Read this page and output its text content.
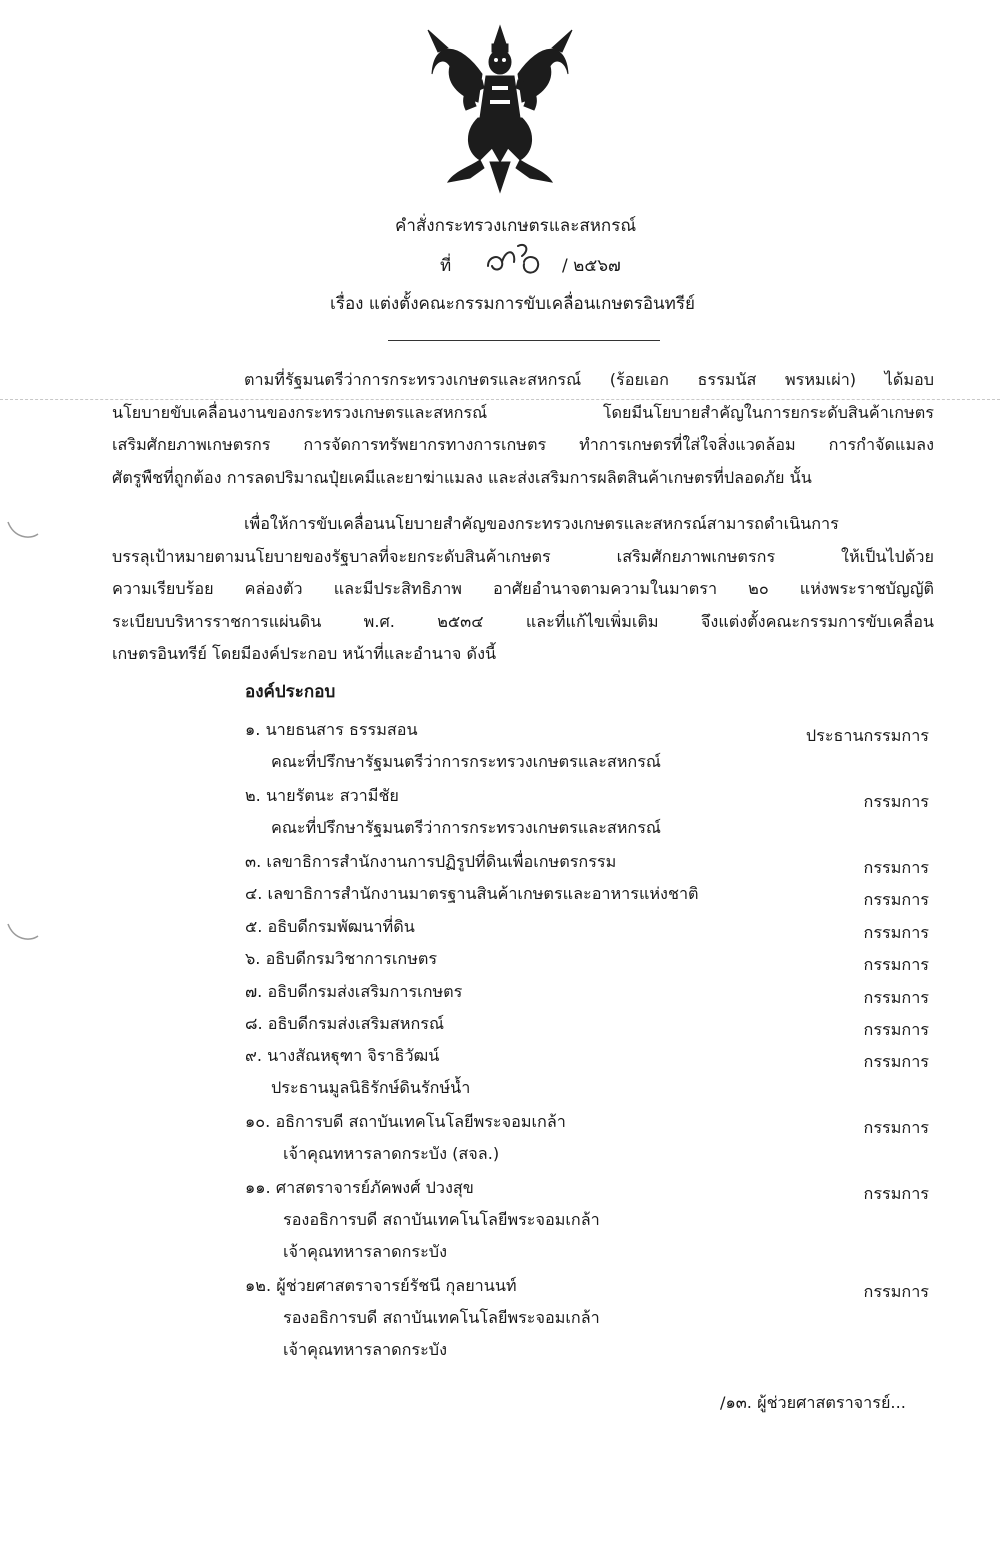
คำสั่งกระทรวงเกษตรและสหกรณ์
ที่	/ ๒๕๖๗
เรื่อง แต่งตั้งคณะกรรมการขับเคลื่อนเกษตรอินทรีย์
ตามที่รัฐมนตรีว่าการกระทรวงเกษตรและสหกรณ์ (ร้อยเอก ธรรมนัส พรหมเผ่า) ได้มอบ
นโยบายขับเคลื่อนงานของกระทรวงเกษตรและสหกรณ์ โดยมีนโยบายสำคัญในการยกระดับสินค้าเกษตร
เสริมศักยภาพเกษตรกร การจัดการทรัพยากรทางการเกษตร ทำการเกษตรที่ใส่ใจสิ่งแวดล้อม การกำจัดแมลง
ศัตรูพืชที่ถูกต้อง การลดปริมาณปุ๋ยเคมีและยาฆ่าแมลง และส่งเสริมการผลิตสินค้าเกษตรที่ปลอดภัย นั้น
เพื่อให้การขับเคลื่อนนโยบายสำคัญของกระทรวงเกษตรและสหกรณ์สามารถดำเนินการ
บรรลุเป้าหมายตามนโยบายของรัฐบาลที่จะยกระดับสินค้าเกษตร เสริมศักยภาพเกษตรกร ให้เป็นไปด้วย
ความเรียบร้อย คล่องตัว และมีประสิทธิภาพ อาศัยอำนาจตามความในมาตรา ๒๐ แห่งพระราชบัญญัติ
ระเบียบบริหารราชการแผ่นดิน พ.ศ. ๒๕๓๔ และที่แก้ไขเพิ่มเติม จึงแต่งตั้งคณะกรรมการขับเคลื่อน
เกษตรอินทรีย์ โดยมีองค์ประกอบ หน้าที่และอำนาจ ดังนี้
องค์ประกอบ
๑. นายธนสาร ธรรมสอน
คณะที่ปรึกษารัฐมนตรีว่าการกระทรวงเกษตรและสหกรณ์
ประธานกรรมการ
๒. นายรัตนะ สวามีชัย
คณะที่ปรึกษารัฐมนตรีว่าการกระทรวงเกษตรและสหกรณ์
กรรมการ
๓. เลขาธิการสำนักงานการปฏิรูปที่ดินเพื่อเกษตรกรรม	กรรมการ
๔. เลขาธิการสำนักงานมาตรฐานสินค้าเกษตรและอาหารแห่งชาติ	กรรมการ
๕. อธิบดีกรมพัฒนาที่ดิน	กรรมการ
๖. อธิบดีกรมวิชาการเกษตร	กรรมการ
๗. อธิบดีกรมส่งเสริมการเกษตร	กรรมการ
๘. อธิบดีกรมส่งเสริมสหกรณ์	กรรมการ
๙. นางสัณหฐุฑา จิราธิวัฒน์
ประธานมูลนิธิรักษ์ดินรักษ์น้ำ
กรรมการ
๑๐. อธิการบดี สถาบันเทคโนโลยีพระจอมเกล้า
เจ้าคุณทหารลาดกระบัง (สจล.)
กรรมการ
๑๑. ศาสตราจารย์ภัคพงศ์ ปวงสุข
รองอธิการบดี สถาบันเทคโนโลยีพระจอมเกล้า
เจ้าคุณทหารลาดกระบัง
กรรมการ
๑๒. ผู้ช่วยศาสตราจารย์รัชนี กุลยานนท์
รองอธิการบดี สถาบันเทคโนโลยีพระจอมเกล้า
เจ้าคุณทหารลาดกระบัง
กรรมการ
/๑๓. ผู้ช่วยศาสตราจารย์...
